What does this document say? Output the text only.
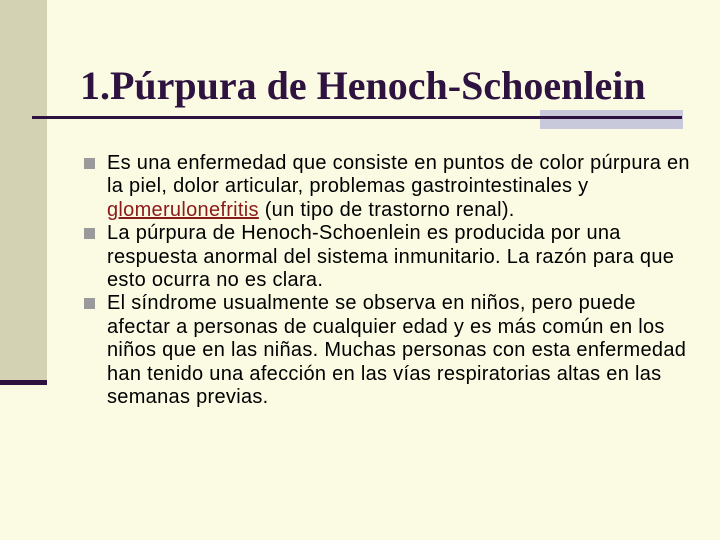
1.Púrpura de Henoch-Schoenlein
Es una enfermedad que consiste en puntos de color púrpura en la piel, dolor articular, problemas gastrointestinales y glomerulonefritis (un tipo de trastorno renal).
La púrpura de Henoch-Schoenlein es producida por una respuesta anormal del sistema inmunitario. La razón para que esto ocurra no es clara.
El síndrome usualmente se observa en niños, pero puede afectar a personas de cualquier edad y es más común en los niños que en las niñas. Muchas personas con esta enfermedad han tenido una afección en las vías respiratorias altas en las semanas previas.
